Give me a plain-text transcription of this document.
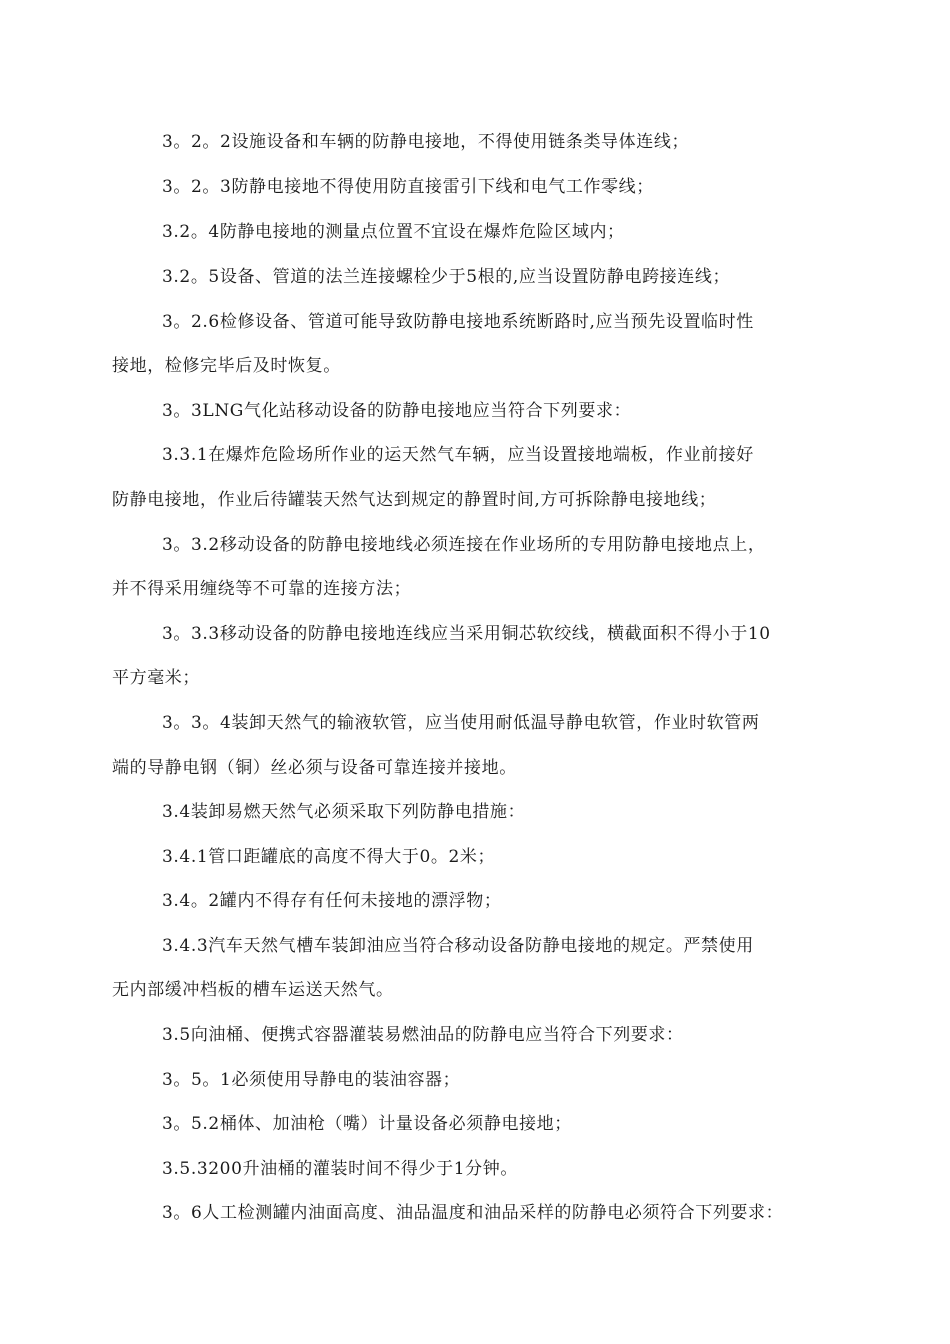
3。2。2设施设备和车辆的防静电接地，不得使用链条类导体连线；
3。2。3防静电接地不得使用防直接雷引下线和电气工作零线；
3.2。4防静电接地的测量点位置不宜设在爆炸危险区域内；
3.2。5设备、管道的法兰连接螺栓少于5根的,应当设置防静电跨接连线；
3。2.6检修设备、管道可能导致防静电接地系统断路时,应当预先设置临时性
接地，检修完毕后及时恢复。
3。3LNG气化站移动设备的防静电接地应当符合下列要求：
3.3.1在爆炸危险场所作业的运天然气车辆，应当设置接地端板，作业前接好
防静电接地，作业后待罐装天然气达到规定的静置时间,方可拆除静电接地线；
3。3.2移动设备的防静电接地线必须连接在作业场所的专用防静电接地点上，
并不得采用缠绕等不可靠的连接方法；
3。3.3移动设备的防静电接地连线应当采用铜芯软绞线，横截面积不得小于10
平方毫米；
3。3。4装卸天然气的输液软管，应当使用耐低温导静电软管，作业时软管两
端的导静电钢（铜）丝必须与设备可靠连接并接地。
3.4装卸易燃天然气必须采取下列防静电措施：
3.4.1管口距罐底的高度不得大于0。2米；
3.4。2罐内不得存有任何未接地的漂浮物；
3.4.3汽车天然气槽车装卸油应当符合移动设备防静电接地的规定。严禁使用
无内部缓冲档板的槽车运送天然气。
3.5向油桶、便携式容器灌装易燃油品的防静电应当符合下列要求：
3。5。1必须使用导静电的装油容器；
3。5.2桶体、加油枪（嘴）计量设备必须静电接地；
3.5.3200升油桶的灌装时间不得少于1分钟。
3。6人工检测罐内油面高度、油品温度和油品采样的防静电必须符合下列要求：
